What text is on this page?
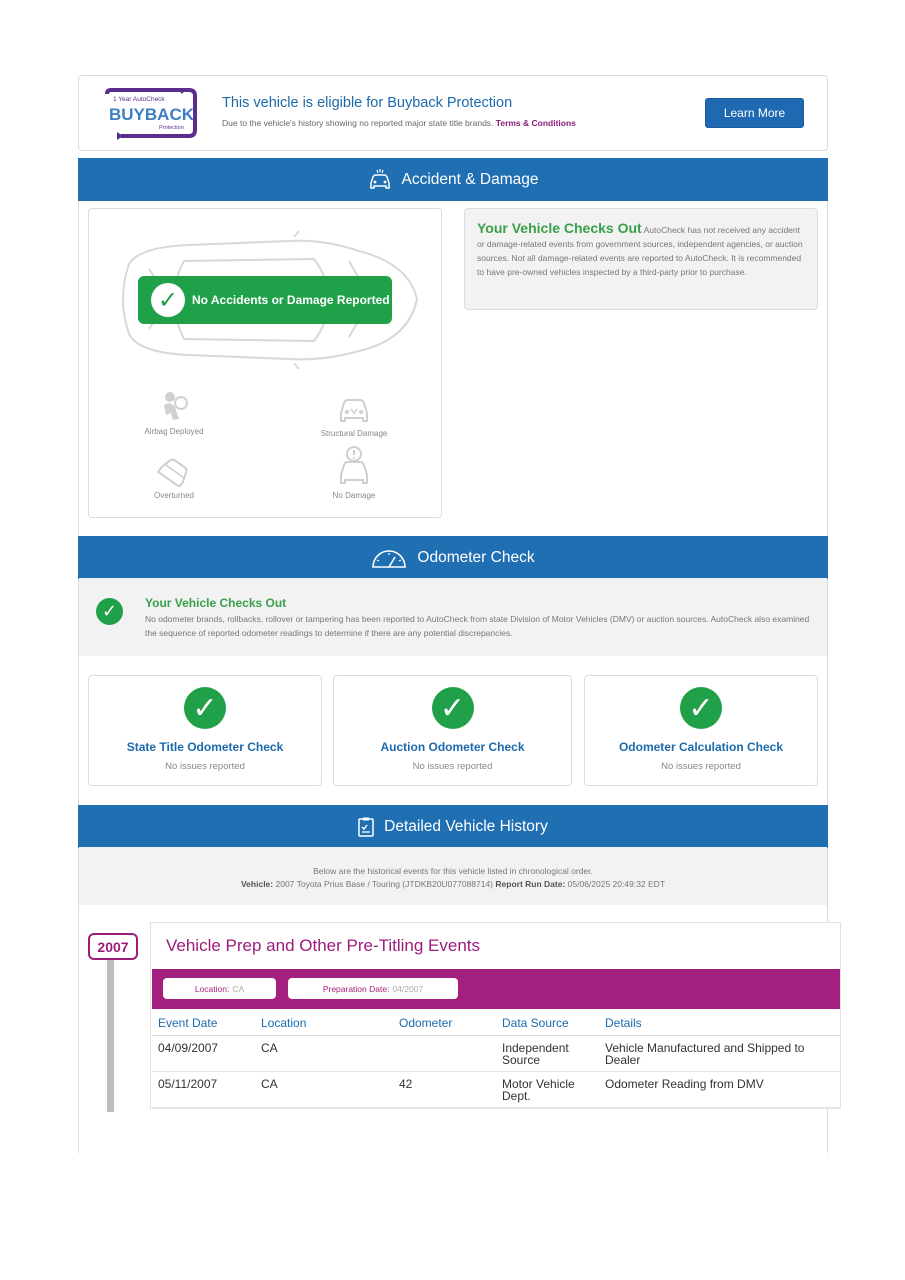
1 Year AutoCheck
BUYBACK
Protection
This vehicle is eligible for Buyback Protection
Due to the vehicle's history showing no reported major state title brands. Terms & Conditions
Learn More
Accident & Damage
✓	No Accidents or Damage Reported
Airbag Deployed	Structural Damage
Overturned	No Damage
Your Vehicle Checks Out AutoCheck has not received any accident or damage-related events from government sources, independent agencies, or auction sources. Not all damage-related events are reported to AutoCheck. It is recommended to have pre-owned vehicles inspected by a third-party prior to purchase.
Odometer Check
✓	Your Vehicle Checks Out
No odometer brands, rollbacks, rollover or tampering has been reported to AutoCheck from state Division of Motor Vehicles (DMV) or auction sources. AutoCheck also examined the sequence of reported odometer readings to determine if there are any potential discrepancies.
✓
State Title Odometer Check
No issues reported
✓
Auction Odometer Check
No issues reported
✓
Odometer Calculation Check
No issues reported
Detailed Vehicle History
Below are the historical events for this vehicle listed in chronological order.
Vehicle: 2007 Toyota Prius Base / Touring (JTDKB20U077088714) Report Run Date: 05/06/2025 20:49:32 EDT
2007	Vehicle Prep and Other Pre-Titling Events
Location: CA	Preparation Date: 04/2007
Event Date	Location	Odometer	Data Source	Details
04/09/2007	CA		Independent Source	Vehicle Manufactured and Shipped to Dealer
05/11/2007	CA	42	Motor Vehicle Dept.	Odometer Reading from DMV
